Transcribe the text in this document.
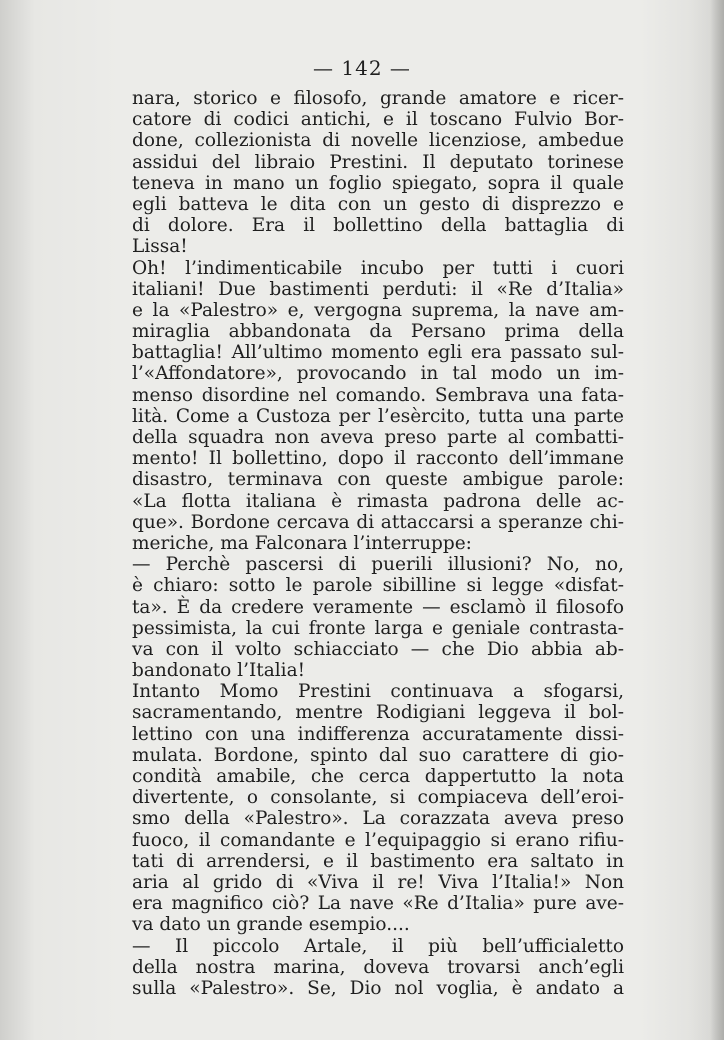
— 142 —
nara, storico e filosofo, grande amatore e ricer-
catore di codici antichi, e il toscano Fulvio Bor-
done, collezionista di novelle licenziose, ambedue
assidui del libraio Prestini. Il deputato torinese
teneva in mano un foglio spiegato, sopra il quale
egli batteva le dita con un gesto di disprezzo e
di dolore. Era il bollettino della battaglia di
Lissa!
Oh! l’indimenticabile incubo per tutti i cuori
italiani! Due bastimenti perduti: il «Re d’Italia»
e la «Palestro» e, vergogna suprema, la nave am-
miraglia abbandonata da Persano prima della
battaglia! All’ultimo momento egli era passato sul-
l’«Affondatore», provocando in tal modo un im-
menso disordine nel comando. Sembrava una fata-
lità. Come a Custoza per l’esèrcito, tutta una parte
della squadra non aveva preso parte al combatti-
mento! Il bollettino, dopo il racconto dell’immane
disastro, terminava con queste ambigue parole:
«La flotta italiana è rimasta padrona delle ac-
que». Bordone cercava di attaccarsi a speranze chi-
meriche, ma Falconara l’interruppe:
— Perchè pascersi di puerili illusioni? No, no,
è chiaro: sotto le parole sibilline si legge «disfat-
ta». È da credere veramente — esclamò il filosofo
pessimista, la cui fronte larga e geniale contrasta-
va con il volto schiacciato — che Dio abbia ab-
bandonato l’Italia!
Intanto Momo Prestini continuava a sfogarsi,
sacramentando, mentre Rodigiani leggeva il bol-
lettino con una indifferenza accuratamente dissi-
mulata. Bordone, spinto dal suo carattere di gio-
condità amabile, che cerca dappertutto la nota
divertente, o consolante, si compiaceva dell’eroi-
smo della «Palestro». La corazzata aveva preso
fuoco, il comandante e l’equipaggio si erano rifiu-
tati di arrendersi, e il bastimento era saltato in
aria al grido di «Viva il re! Viva l’Italia!» Non
era magnifico ciò? La nave «Re d’Italia» pure ave-
va dato un grande esempio....
— Il piccolo Artale, il più bell’ufficialetto
della nostra marina, doveva trovarsi anch’egli
sulla «Palestro». Se, Dio nol voglia, è andato a
